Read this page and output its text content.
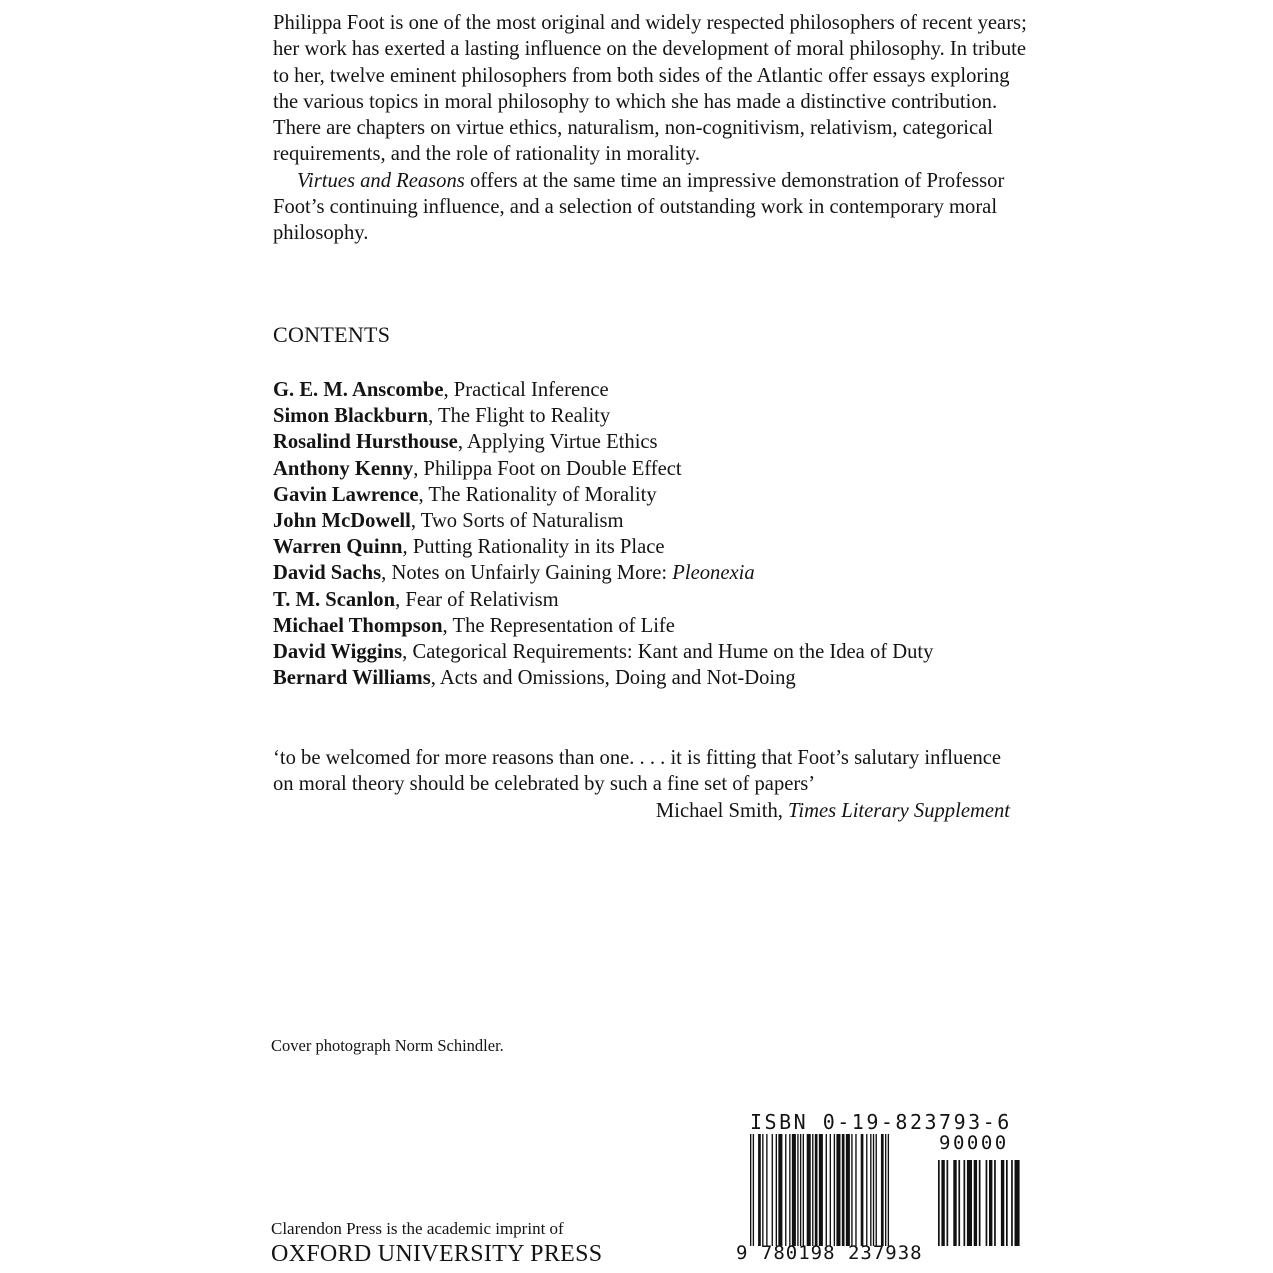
Philippa Foot is one of the most original and widely respected philosophers of recent years; her work has exerted a lasting influence on the development of moral philosophy. In tribute to her, twelve eminent philosophers from both sides of the Atlantic offer essays exploring the various topics in moral philosophy to which she has made a distinctive contribution. There are chapters on virtue ethics, naturalism, non-cognitivism, relativism, categorical requirements, and the role of rationality in morality.

Virtues and Reasons offers at the same time an impressive demonstration of Professor Foot’s continuing influence, and a selection of outstanding work in contemporary moral philosophy.

CONTENTS
G. E. M. Anscombe, Practical Inference
Simon Blackburn, The Flight to Reality
Rosalind Hursthouse, Applying Virtue Ethics
Anthony Kenny, Philippa Foot on Double Effect
Gavin Lawrence, The Rationality of Morality
John McDowell, Two Sorts of Naturalism
Warren Quinn, Putting Rationality in its Place
David Sachs, Notes on Unfairly Gaining More: Pleonexia
T. M. Scanlon, Fear of Relativism
Michael Thompson, The Representation of Life
David Wiggins, Categorical Requirements: Kant and Hume on the Idea of Duty
Bernard Williams, Acts and Omissions, Doing and Not-Doing
‘to be welcomed for more reasons than one. . . . it is fitting that Foot’s salutary influence on moral theory should be celebrated by such a fine set of papers’
Michael Smith, Times Literary Supplement
Cover photograph Norm Schindler.
Clarendon Press is the academic imprint of
OXFORD UNIVERSITY PRESS
ISBN 0-19-823793-6
90000
9 780198 237938
